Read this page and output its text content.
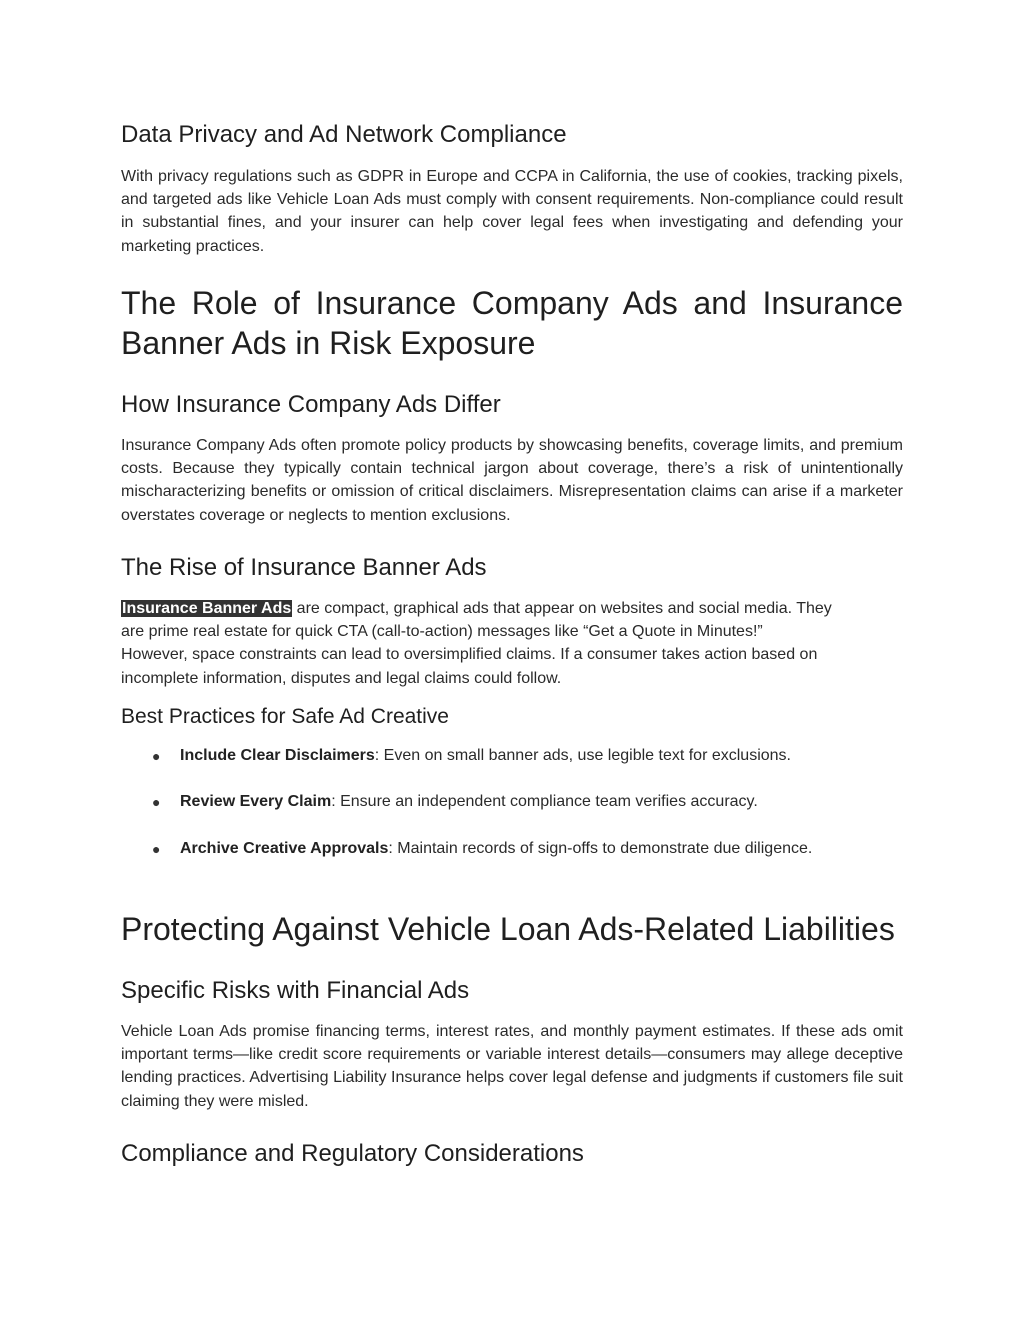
Data Privacy and Ad Network Compliance

With privacy regulations such as GDPR in Europe and CCPA in California, the use of cookies, tracking pixels, and targeted ads like Vehicle Loan Ads must comply with consent requirements. Non‑compliance could result in substantial fines, and your insurer can help cover legal fees when investigating and defending your marketing practices.

The Role of Insurance Company Ads and Insurance Banner Ads in Risk Exposure
How Insurance Company Ads Differ

Insurance Company Ads often promote policy products by showcasing benefits, coverage limits, and premium costs. Because they typically contain technical jargon about coverage, there’s a risk of unintentionally mischaracterizing benefits or omission of critical disclaimers. Misrepresentation claims can arise if a marketer overstates coverage or neglects to mention exclusions.

The Rise of Insurance Banner Ads
Insurance Banner Ads are compact, graphical ads that appear on websites and social media. They
are prime real estate for quick CTA (call-to-action) messages like “Get a Quote in Minutes!”
However, space constraints can lead to oversimplified claims. If a consumer takes action based on
incomplete information, disputes and legal claims could follow.
Best Practices for Safe Ad Creative
● Include Clear Disclaimers: Even on small banner ads, use legible text for exclusions.
● Review Every Claim: Ensure an independent compliance team verifies accuracy.
● Archive Creative Approvals: Maintain records of sign‑offs to demonstrate due diligence.
Protecting Against Vehicle Loan Ads‑Related Liabilities
Specific Risks with Financial Ads

Vehicle Loan Ads promise financing terms, interest rates, and monthly payment estimates. If these ads omit important terms—like credit score requirements or variable interest details—consumers may allege deceptive lending practices. Advertising Liability Insurance helps cover legal defense and judgments if customers file suit claiming they were misled.

Compliance and Regulatory Considerations
